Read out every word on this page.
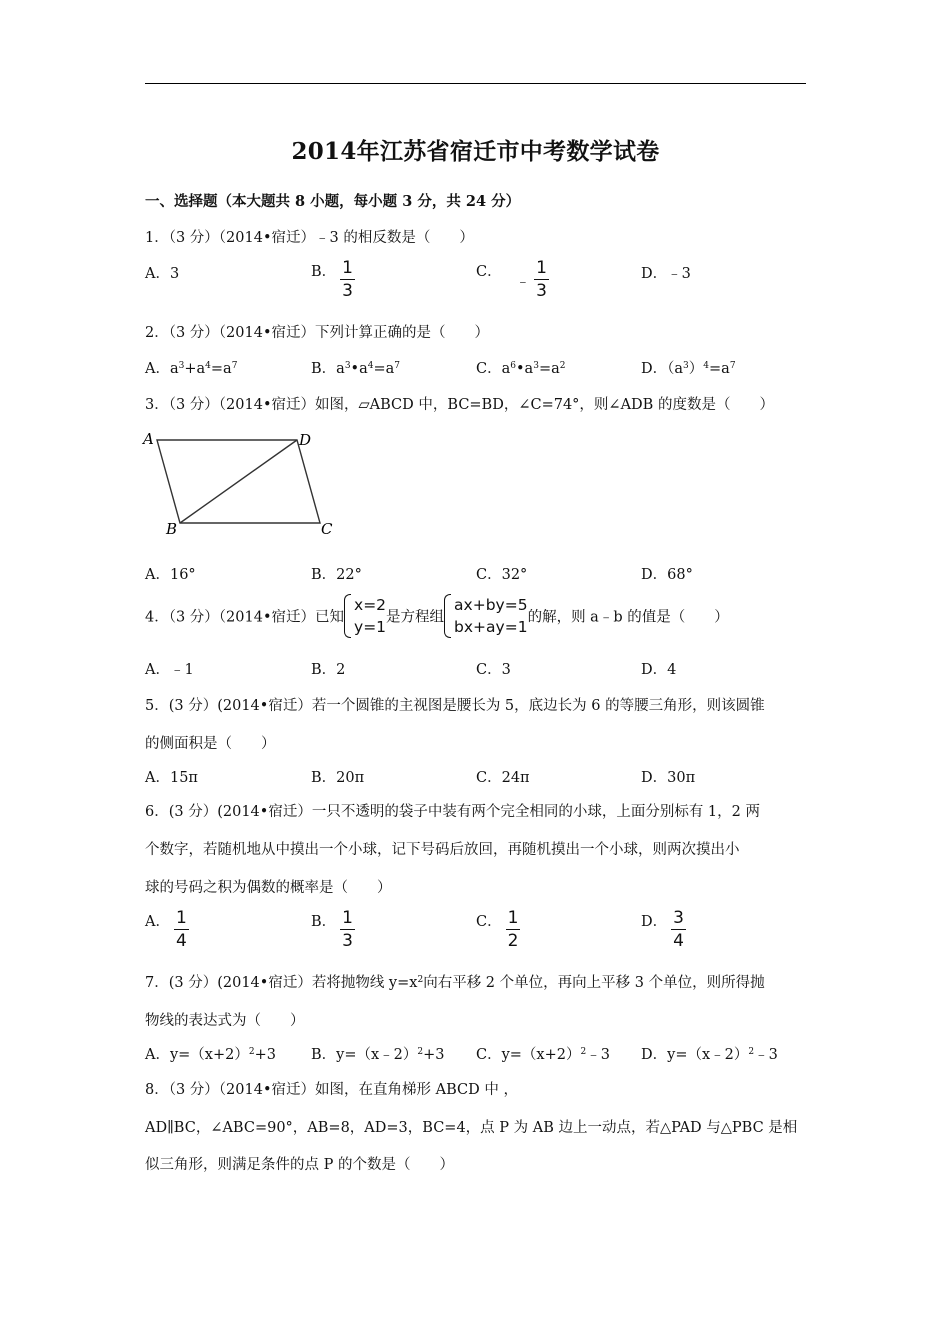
2014年江苏省宿迁市中考数学试卷
一、选择题（本大题共 8 小题，每小题 3 分，共 24 分）
1．（3 分）（2014•宿迁）﹣3 的相反数是（　　）
A．3	B． $\frac{1}{3}$	C．﹣ $\frac{1}{3}$	D．﹣3
2．（3 分）（2014•宿迁）下列计算正确的是（　　）
A．$a^3+a^4=a^7$	B．$a^3•a^4=a^7$	C．$a^6•a^3=a^2$	D．$(a^3)^4=a^7$
3．（3 分）（2014•宿迁）如图，▱ABCD 中，BC=BD，∠C=74°，则∠ADB 的度数是（　　）
A	D
B	C
A．16°	B．22°	C．32°	D．68°
4．（3 分）（2014•宿迁）已知
x=2
y=1
是方程组
ax+by=5
bx+ay=1
的解，则 a﹣b 的值是（　　）
A．﹣1	B．2	C．3	D．4
5．(3 分）(2014•宿迁）若一个圆锥的主视图是腰长为 5，底边长为 6 的等腰三角形，则该圆锥
的侧面积是（　　）
A．15π	B．20π	C．24π	D．30π
6．(3 分）(2014•宿迁）一只不透明的袋子中装有两个完全相同的小球，上面分别标有 1，2 两
个数字，若随机地从中摸出一个小球，记下号码后放回，再随机摸出一个小球，则两次摸出小
球的号码之积为偶数的概率是（　　）
A． $\frac{1}{4}$	B． $\frac{1}{3}$	C． $\frac{1}{2}$	D． $\frac{3}{4}$
7．(3 分）(2014•宿迁）若将抛物线 $y=x^2$向右平移 2 个单位，再向上平移 3 个单位，则所得抛
物线的表达式为（　　）
A．$y=(x+2)^2+3$ B．y=（x﹣2）$^2$+3 C．$y=(x+2)^2﹣3$ D．y=（x﹣2）$^2$﹣3
8．（3 分）（2014•宿迁）如图，在直角梯形 ABCD 中 ，
AD∥BC，∠ABC=90°，AB=8，AD=3，BC=4，点 P 为 AB 边上一动点，若△PAD 与△PBC 是相
似三角形，则满足条件的点 P 的个数是（　　）
